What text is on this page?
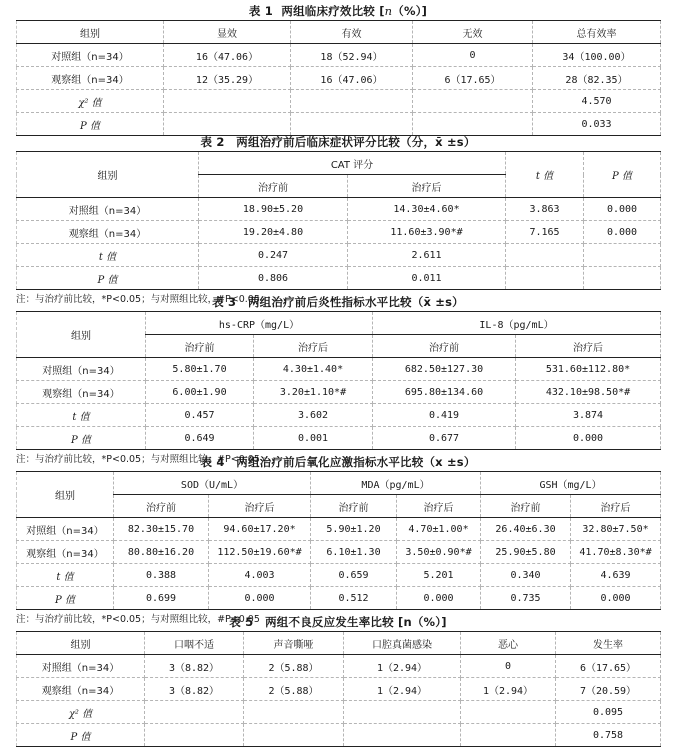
表 1 两组临床疗效比较 [n（%）]
组别	显效	有效	无效	总有效率
对照组（n=34）	16（47.06）	18（52.94）	0	34（100.00）
观察组（n=34）	12（35.29）	16（47.06）	6（17.65）	28（82.35）
χ² 值				4.570
P 值				0.033
表 2　两组治疗前后临床症状评分比较（分，x̄ ±s）
组别	CAT 评分		t 值	P 值
	治疗前	治疗后		
对照组（n=34）	18.90±5.20	14.30±4.60*	3.863	0.000
观察组（n=34）	19.20±4.80	11.60±3.90*#	7.165	0.000
t 值	0.247	2.611		
P 值	0.806	0.011		
注：与治疗前比较，*P<0.05；与对照组比较，#P<0.05
表 3　两组治疗前后炎性指标水平比较（x̄ ±s）
组别	hs-CRP（mg/L）		IL-8（pg/mL）	
	治疗前	治疗后	治疗前	治疗后
对照组（n=34）	5.80±1.70	4.30±1.40*	682.50±127.30	531.60±112.80*
观察组（n=34）	6.00±1.90	3.20±1.10*#	695.80±134.60	432.10±98.50*#
t 值	0.457	3.602	0.419	3.874
P 值	0.649	0.001	0.677	0.000
注：与治疗前比较，*P<0.05；与对照组比较，#P<0.05
表 4　两组治疗前后氧化应激指标水平比较（x ±s）
组别	SOD（U/mL）		MDA（pg/mL）		GSH（mg/L）	
	治疗前	治疗后	治疗前	治疗后	治疗前	治疗后
对照组（n=34）	82.30±15.70	94.60±17.20*	5.90±1.20	4.70±1.00*	26.40±6.30	32.80±7.50*
观察组（n=34）	80.80±16.20	112.50±19.60*#	6.10±1.30	3.50±0.90*#	25.90±5.80	41.70±8.30*#
t 值	0.388	4.003	0.659	5.201	0.340	4.639
P 值	0.699	0.000	0.512	0.000	0.735	0.000
注：与治疗前比较，*P<0.05；与对照组比较，#P<0.05
表 5　两组不良反应发生率比较 [n（%）]
组别	口咽不适	声音嘶哑	口腔真菌感染	恶心	发生率
对照组（n=34）	3（8.82）	2（5.88）	1（2.94）	0	6（17.65）
观察组（n=34）	3（8.82）	2（5.88）	1（2.94）	1（2.94）	7（20.59）
χ² 值					0.095
P 值					0.758
